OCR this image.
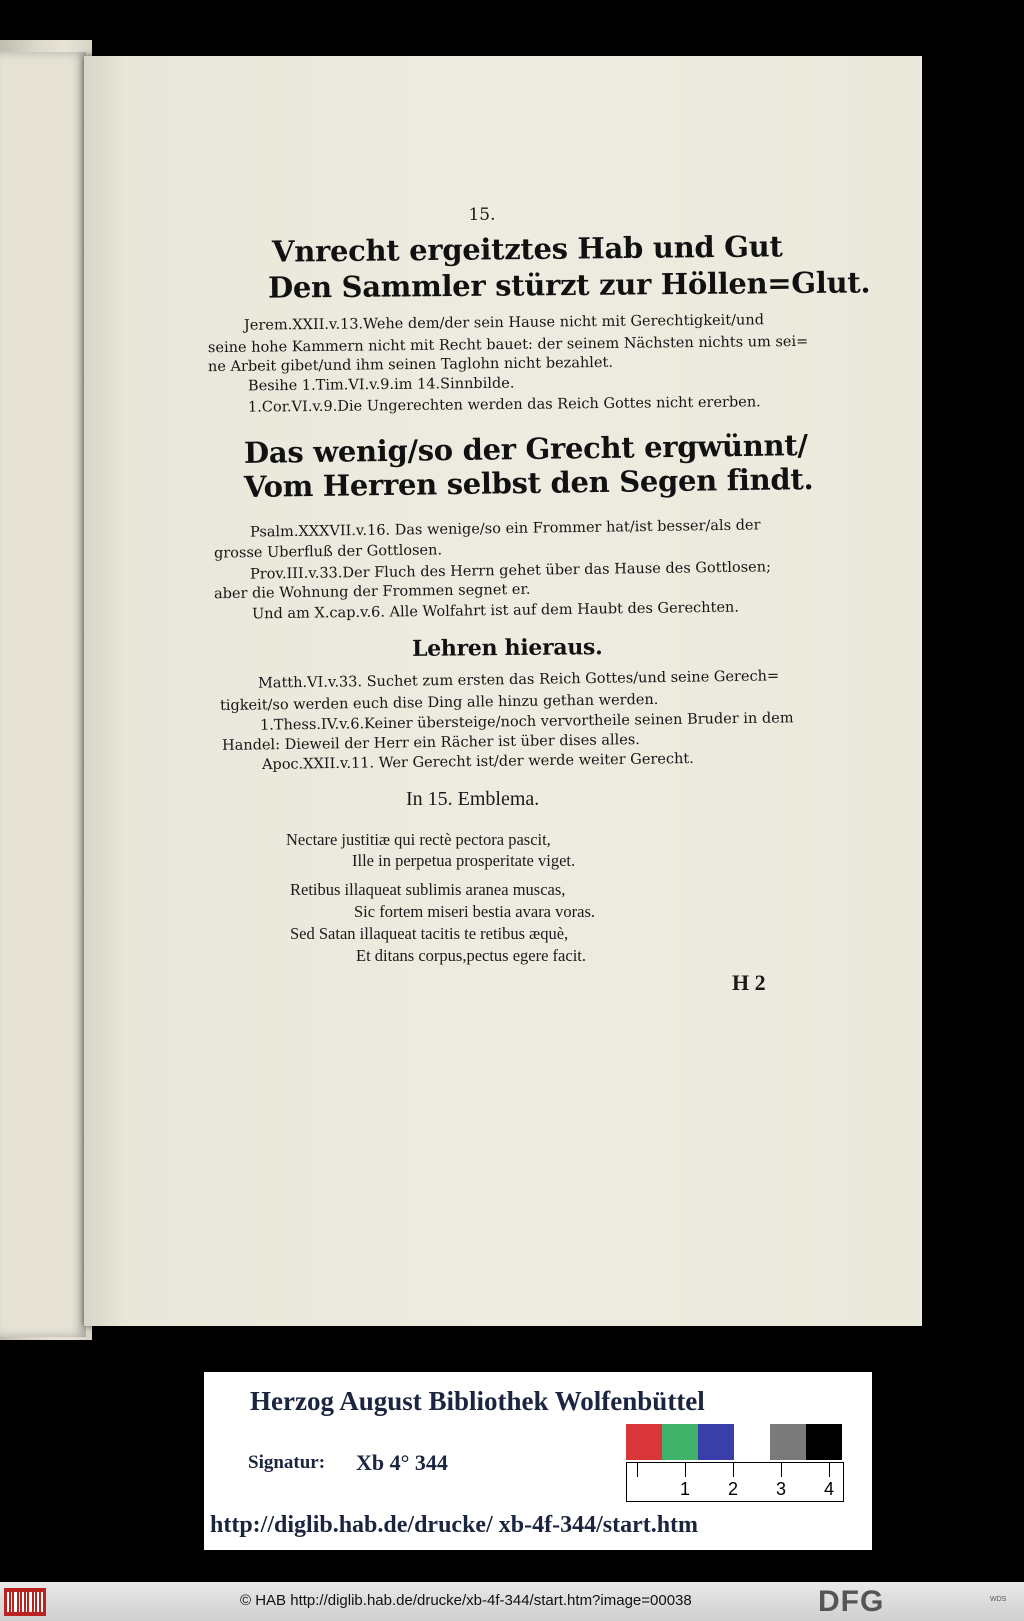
15.
Vnrecht ergeitztes Hab und Gut
Den Sammler stürzt zur Höllen=Glut.
Jerem.XXII.v.13.Wehe dem/der sein Hause nicht mit Gerechtigkeit/und
seine hohe Kammern nicht mit Recht bauet: der seinem Nächsten nichts um sei=
ne Arbeit gibet/und ihm seinen Taglohn nicht bezahlet.
Besihe 1.Tim.VI.v.9.im 14.Sinnbilde.
1.Cor.VI.v.9.Die Ungerechten werden das Reich Gottes nicht ererben.
Das wenig/so der Grecht ergwünnt/
Vom Herren selbst den Segen findt.
Psalm.XXXVII.v.16. Das wenige/so ein Frommer hat/ist besser/als der
grosse Uberfluß der Gottlosen.
Prov.III.v.33.Der Fluch des Herrn gehet über das Hause des Gottlosen;
aber die Wohnung der Frommen segnet er.
Und am X.cap.v.6. Alle Wolfahrt ist auf dem Haubt des Gerechten.
Lehren hieraus.
Matth.VI.v.33. Suchet zum ersten das Reich Gottes/und seine Gerech=
tigkeit/so werden euch dise Ding alle hinzu gethan werden.
1.Thess.IV.v.6.Keiner übersteige/noch vervortheile seinen Bruder in dem
Handel: Dieweil der Herr ein Rächer ist über dises alles.
Apoc.XXII.v.11. Wer Gerecht ist/der werde weiter Gerecht.
In 15. Emblema.
Nectare justitiæ qui rectè pectora pascit,
Ille in perpetua prosperitate viget.
Retibus illaqueat sublimis aranea muscas,
Sic fortem miseri bestia avara voras.
Sed Satan illaqueat tacitis te retibus æquè,
Et ditans corpus,pectus egere facit.
H 2
Herzog August Bibliothek Wolfenbüttel
Signatur: Xb 4° 344
1 2 3 4
http://diglib.hab.de/drucke/ xb-4f-344/start.htm
© HAB http://diglib.hab.de/drucke/xb-4f-344/start.htm?image=00038	DFG	WDS
